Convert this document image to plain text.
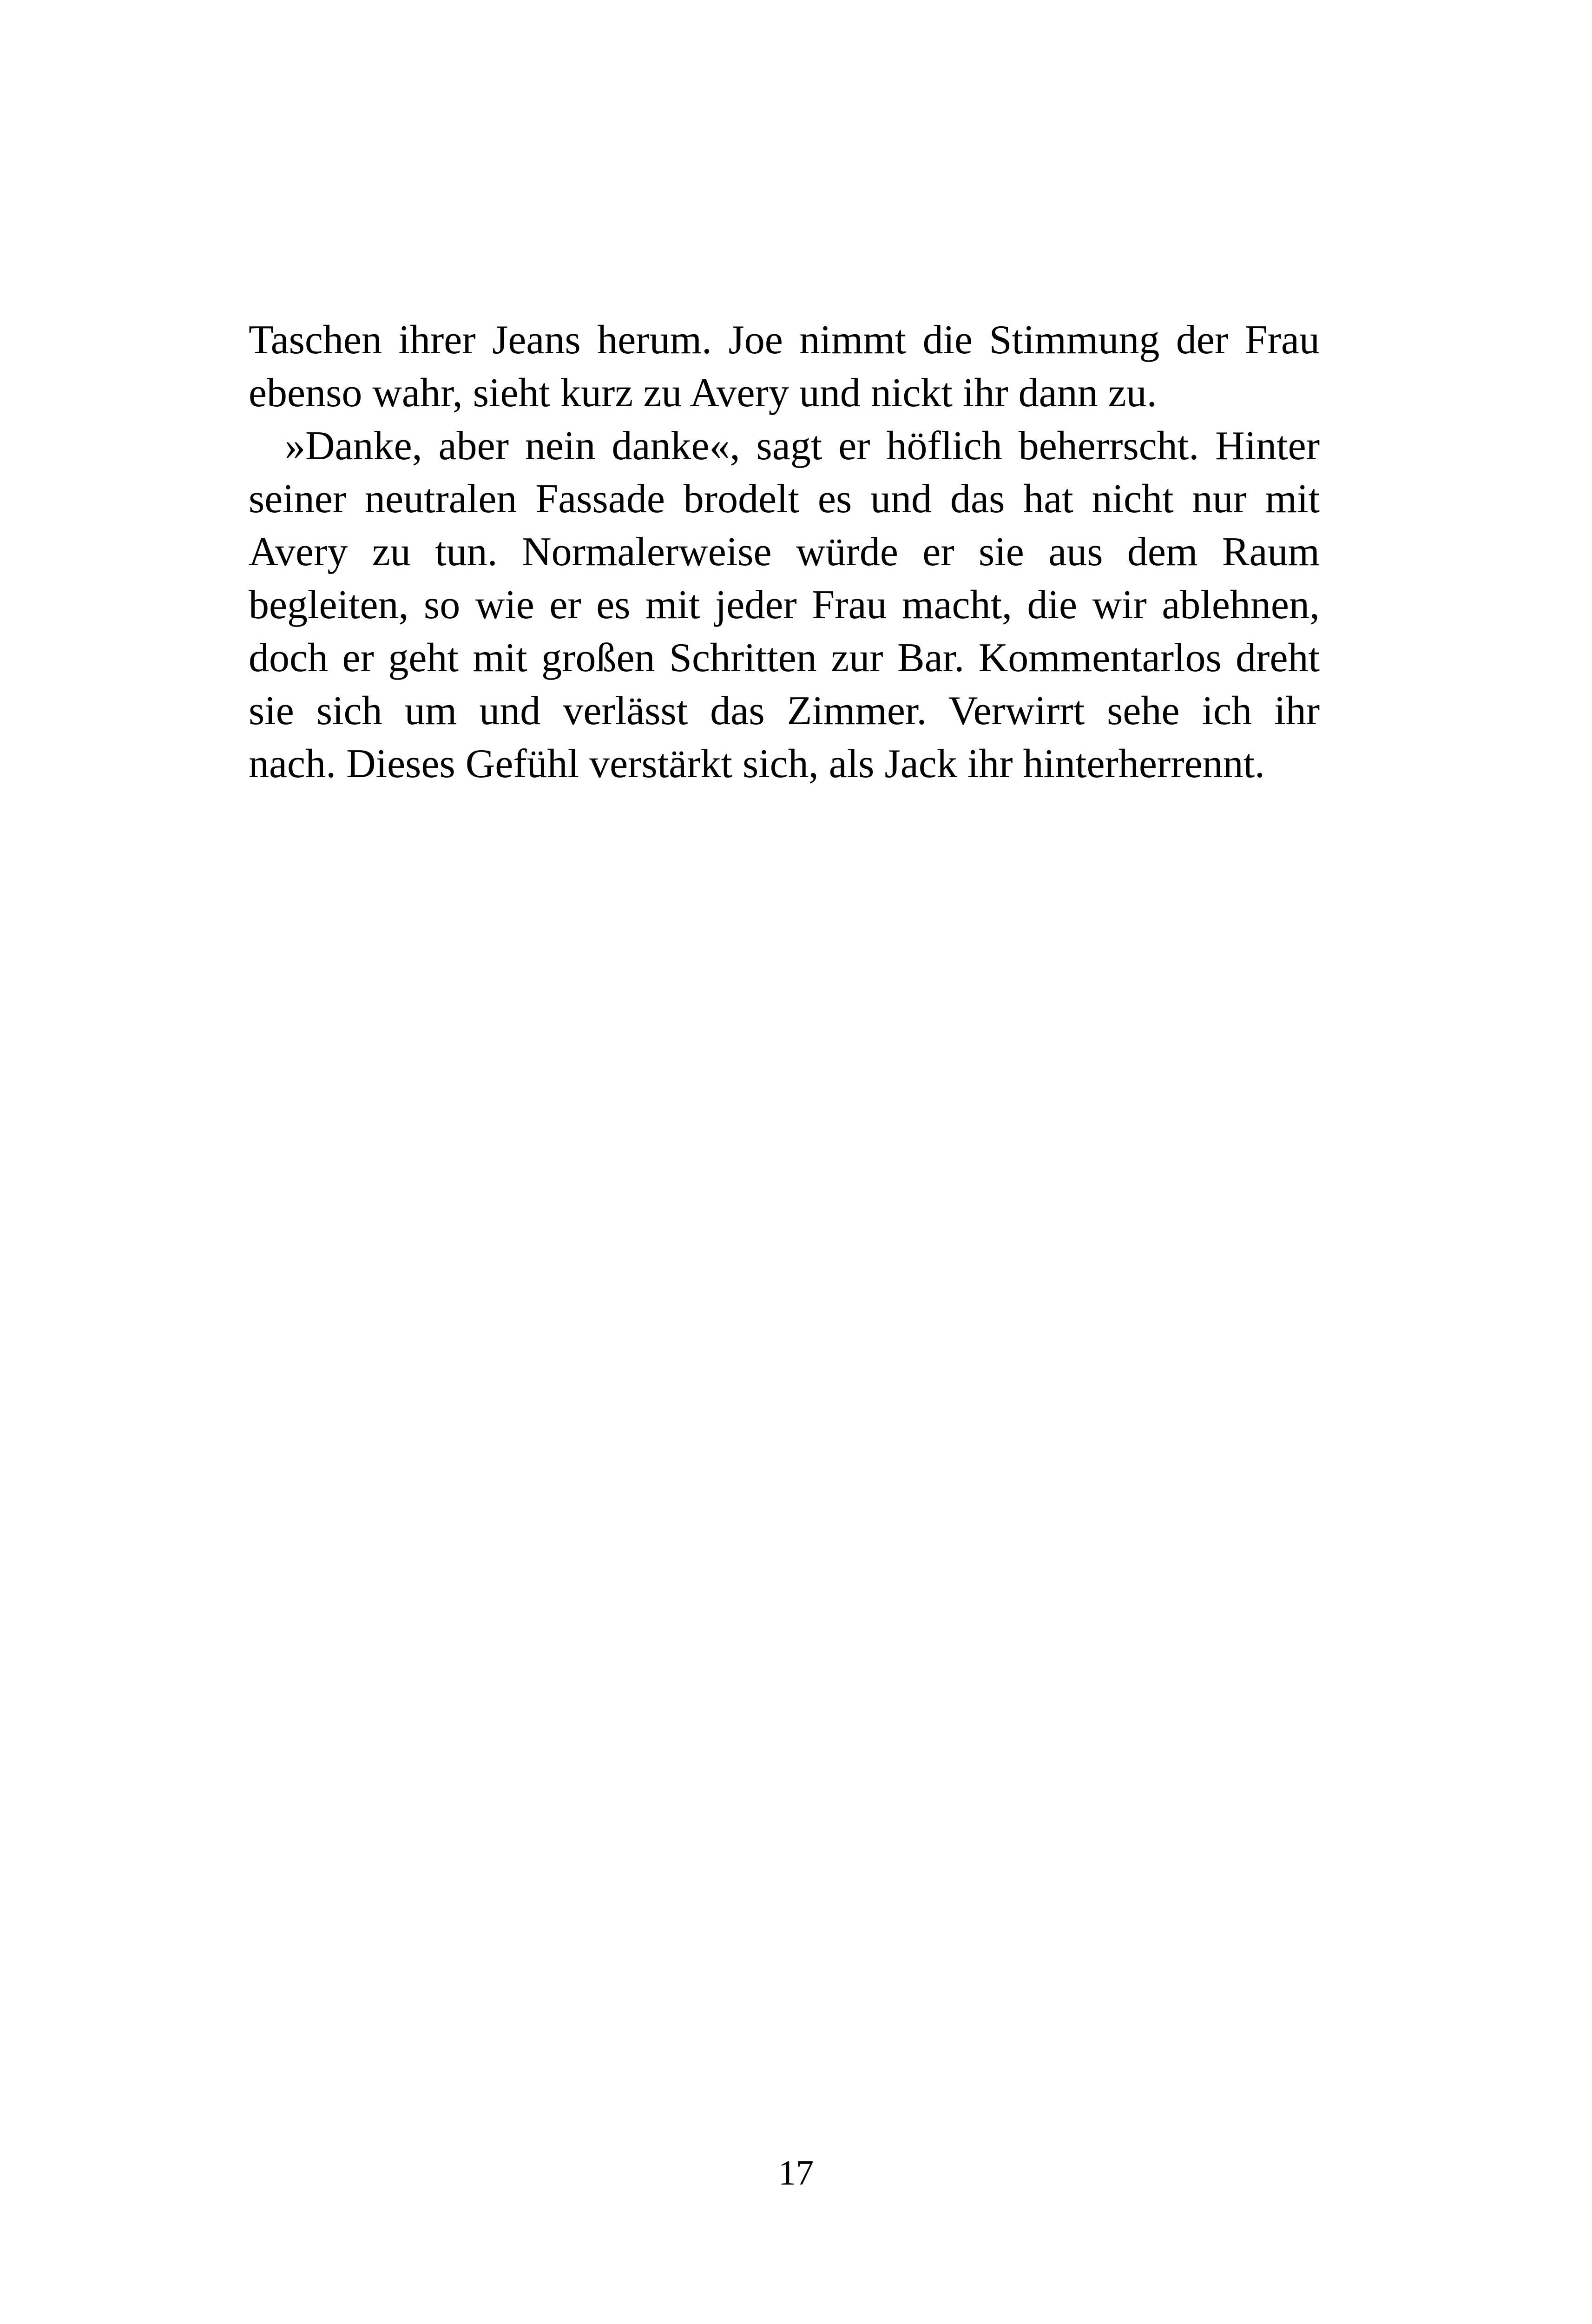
Taschen ihrer Jeans herum. Joe nimmt die Stimmung der Frau
ebenso wahr, sieht kurz zu Avery und nickt ihr dann zu.
»Danke, aber nein danke«, sagt er höflich beherrscht. Hinter
seiner neutralen Fassade brodelt es und das hat nicht nur mit
Avery zu tun. Normalerweise würde er sie aus dem Raum
begleiten, so wie er es mit jeder Frau macht, die wir ablehnen,
doch er geht mit großen Schritten zur Bar. Kommentarlos dreht
sie sich um und verlässt das Zimmer. Verwirrt sehe ich ihr
nach. Dieses Gefühl verstärkt sich, als Jack ihr hinterherrennt.
17
